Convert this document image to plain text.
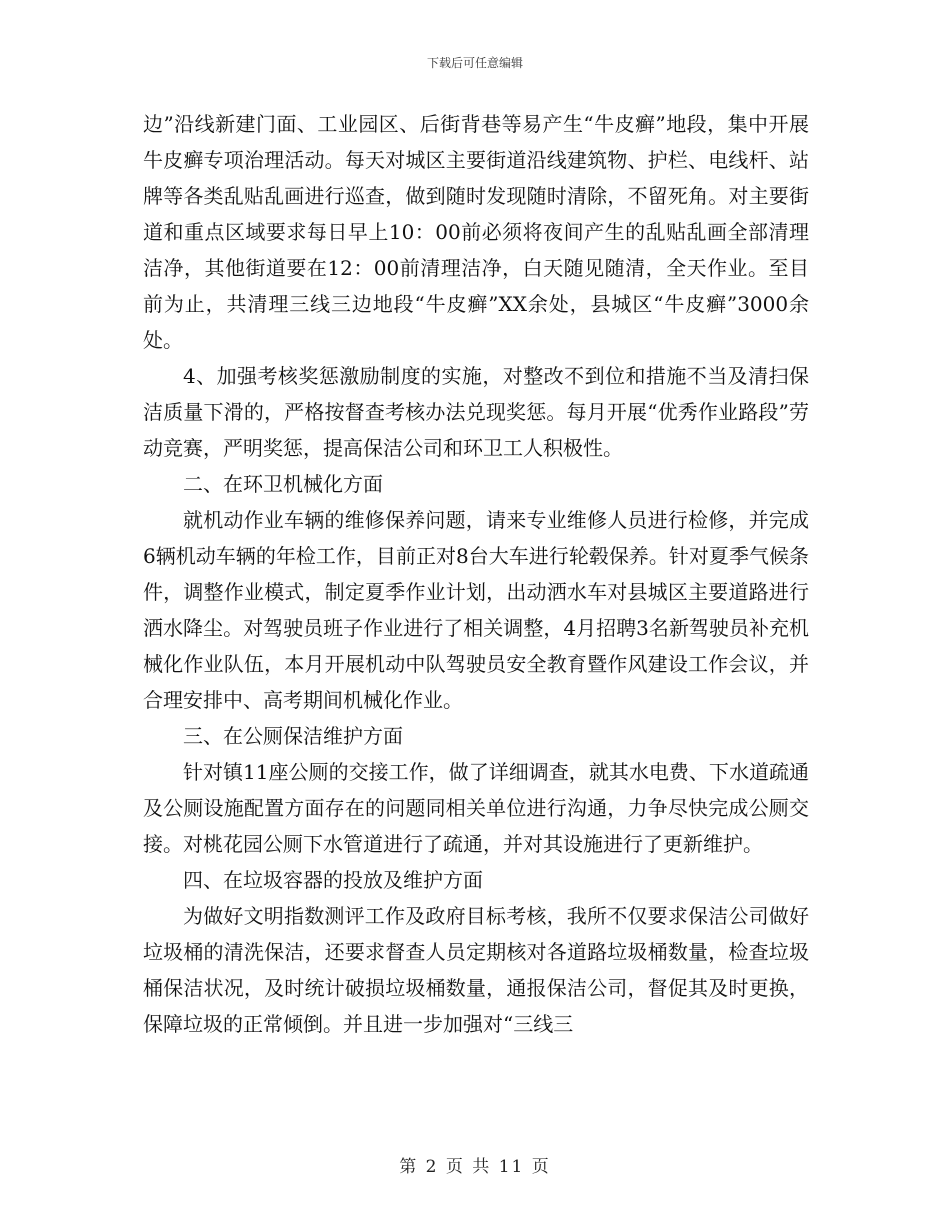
下载后可任意编辑

边”沿线新建门面、工业园区、后街背巷等易产生“牛皮癣”地段，集中开展牛皮癣专项治理活动。每天对城区主要街道沿线建筑物、护栏、电线杆、站牌等各类乱贴乱画进行巡查，做到随时发现随时清除，不留死角。对主要街道和重点区域要求每日早上10：00前必须将夜间产生的乱贴乱画全部清理洁净，其他街道要在12：00前清理洁净，白天随见随清，全天作业。至目前为止，共清理三线三边地段“牛皮癣”XX余处，县城区“牛皮癣”3000余处。

4、加强考核奖惩激励制度的实施，对整改不到位和措施不当及清扫保洁质量下滑的，严格按督查考核办法兑现奖惩。每月开展“优秀作业路段”劳动竞赛，严明奖惩，提高保洁公司和环卫工人积极性。

二、在环卫机械化方面

就机动作业车辆的维修保养问题，请来专业维修人员进行检修，并完成6辆机动车辆的年检工作，目前正对8台大车进行轮毂保养。针对夏季气候条件，调整作业模式，制定夏季作业计划，出动洒水车对县城区主要道路进行洒水降尘。对驾驶员班子作业进行了相关调整，4月招聘3名新驾驶员补充机械化作业队伍，本月开展机动中队驾驶员安全教育暨作风建设工作会议，并合理安排中、高考期间机械化作业。

三、在公厕保洁维护方面

针对镇11座公厕的交接工作，做了详细调查，就其水电费、下水道疏通及公厕设施配置方面存在的问题同相关单位进行沟通，力争尽快完成公厕交接。对桃花园公厕下水管道进行了疏通，并对其设施进行了更新维护。

四、在垃圾容器的投放及维护方面

为做好文明指数测评工作及政府目标考核，我所不仅要求保洁公司做好垃圾桶的清洗保洁，还要求督查人员定期核对各道路垃圾桶数量，检查垃圾桶保洁状况，及时统计破损垃圾桶数量，通报保洁公司，督促其及时更换，保障垃圾的正常倾倒。并且进一步加强对“三线三

第 2 页 共 11 页
